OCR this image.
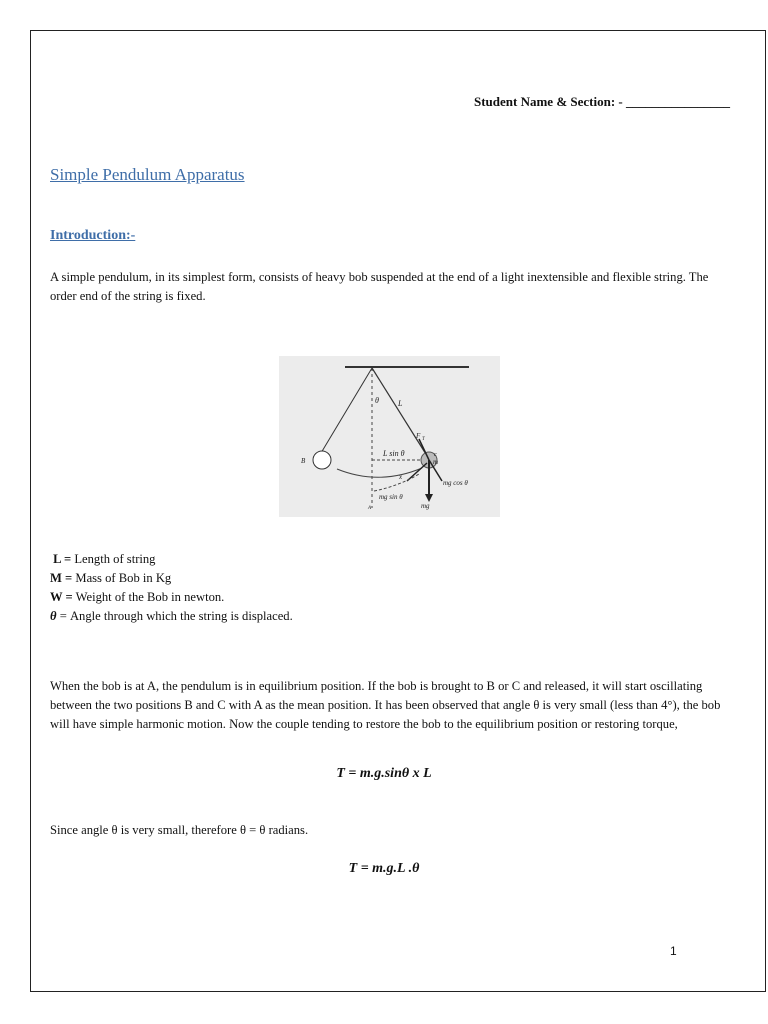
Student Name & Section: - ________________
Simple Pendulum Apparatus
Introduction:-
A simple pendulum, in its simplest form, consists of heavy bob suspended at the end of a light inextensible and flexible string. The order end of the string is fixed.
θ L
F T
B
L sin θ	c
m
x
mg cos θ
mg sin θ
mg
A
L = Length of string
M = Mass of Bob in Kg
W = Weight of the Bob in newton.
θ = Angle through which the string is displaced.
When the bob is at A, the pendulum is in equilibrium position. If the bob is brought to B or C and released, it will start oscillating between the two positions B and C with A as the mean position. It has been observed that angle θ is very small (less than 4°), the bob will have simple harmonic motion. Now the couple tending to restore the bob to the equilibrium position or restoring torque,
T = m.g.sinθ x L
Since angle θ is very small, therefore θ = θ radians.
T = m.g.L .θ
1
